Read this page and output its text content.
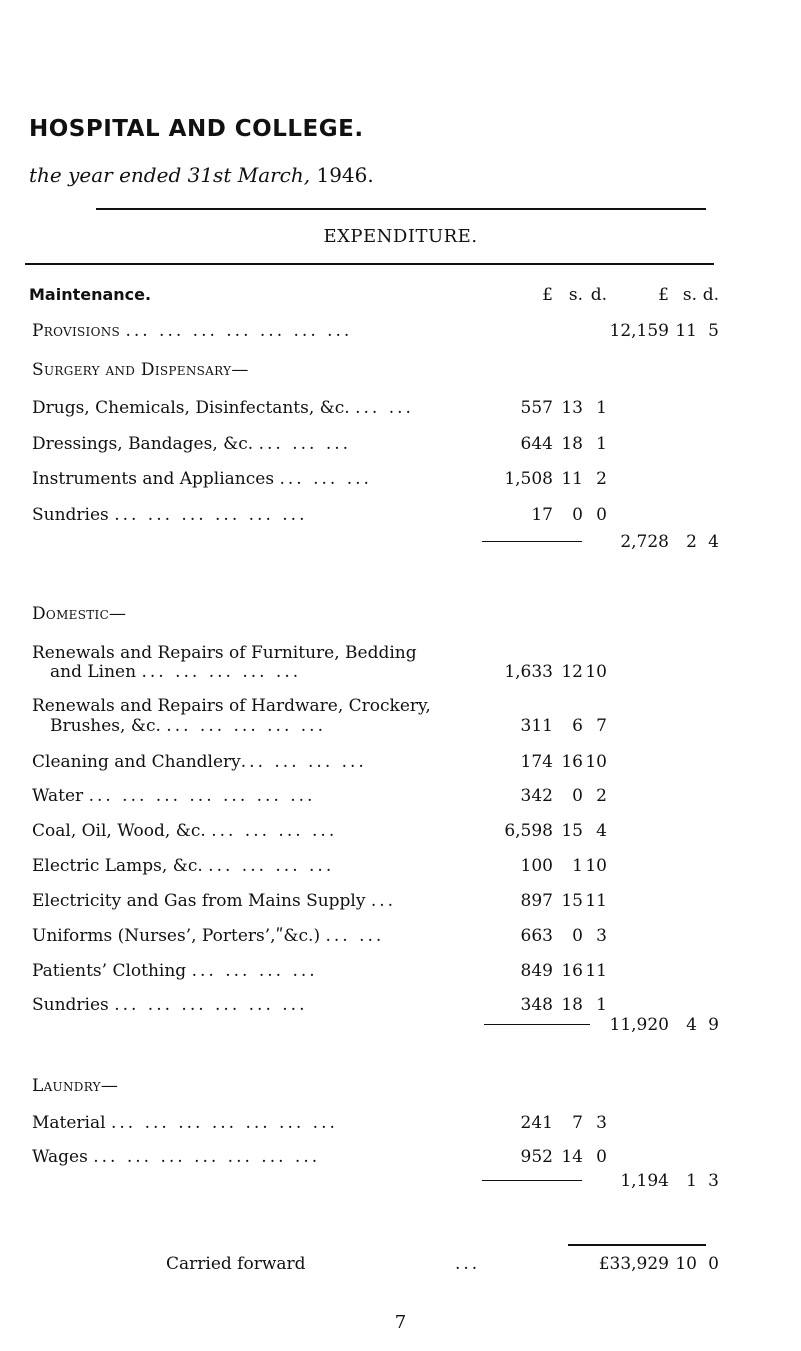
HOSPITAL AND COLLEGE.
the year ended 31st March, 1946.
EXPENDITURE.
Maintenance.	£ s. d.	£ s. d.
Provisions ... ... ... ... ... ... ...	12,159 11 5
Surgery and Dispensary—
Drugs, Chemicals, Disinfectants, &c. ... ...	557 13 1
Dressings, Bandages, &c. ... ... ...	644 18 1
Instruments and Appliances ... ... ...	1,508 11 2
Sundries ... ... ... ... ... ...	17 0 0
2,728 2 4
Domestic—
Renewals and Repairs of Furniture, Bedding
and Linen ... ... ... ... ...	1,633 12 10
Renewals and Repairs of Hardware, Crockery,
Brushes, &c. ... ... ... ... ...	311 6 7
Cleaning and Chandlery... ... ... ...	174 16 10
Water ... ... ... ... ... ... ...	342 0 2
Coal, Oil, Wood, &c. ... ... ... ...	6,598 15 4
Electric Lamps, &c. ... ... ... ...	100 1 10
Electricity and Gas from Mains Supply ...	897 15 11
Uniforms (Nurses’, Porters’,ʺ&c.) ... ...	663 0 3
Patients’ Clothing ... ... ... ...	849 16 11
Sundries ... ... ... ... ... ...	348 18 1
11,920 4 9
Laundry—
Material ... ... ... ... ... ... ...	241 7 3
Wages ... ... ... ... ... ... ...	952 14 0
1,194 1 3
Carried forward	...	£33,929 10 0
7
